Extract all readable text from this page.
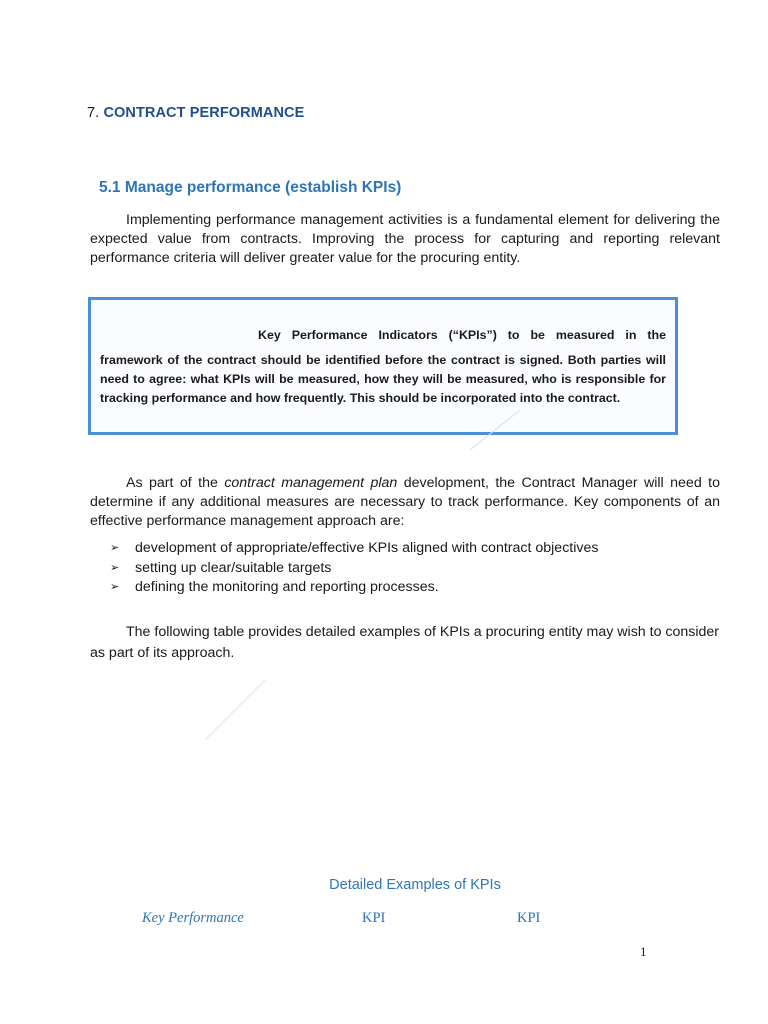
7. CONTRACT PERFORMANCE
5.1 Manage performance (establish KPIs)
Implementing performance management activities is a fundamental element for delivering the expected value from contracts. Improving the process for capturing and reporting relevant performance criteria will deliver greater value for the procuring entity.
Key Performance Indicators (“KPIs”) to be measured in the
framework of the contract should be identified before the contract is signed. Both parties will need to agree: what KPIs will be measured, how they will be measured, who is responsible for tracking performance and how frequently. This should be incorporated into the contract.
As part of the contract management plan development, the Contract Manager will need to determine if any additional measures are necessary to track performance. Key components of an effective performance management approach are:
➢ development of appropriate/effective KPIs aligned with contract objectives
➢ setting up clear/suitable targets
➢ defining the monitoring and reporting processes.
The following table provides detailed examples of KPIs a procuring entity may wish to consider as part of its approach.
Detailed Examples of KPIs
Key Performance	KPI	KPI
1
